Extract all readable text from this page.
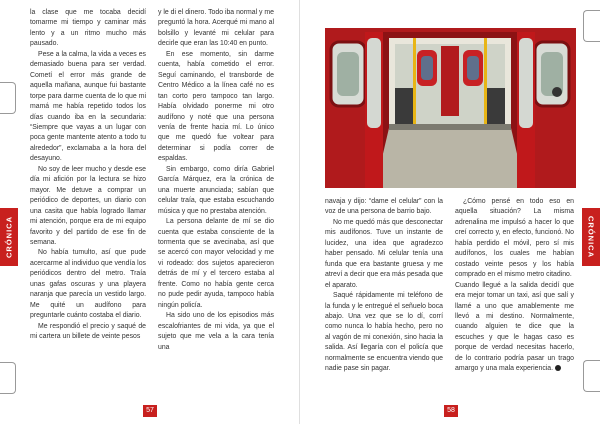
CRÓNICA

la clase que me tocaba decidí tomarme mi tiempo y caminar más lento y a un ritmo mucho más pausado.

Pese a la calma, la vida a veces es demasiado buena para ser verdad. Cometí el error más grande de aquella mañana, aunque fui bastante torpe para darme cuenta de lo que mi mamá me había repetido todos los días cuando iba en la secundaria: “Siempre que vayas a un lugar con poca gente mantente atento a todo tu alrededor”, exclamaba a la hora del desayuno.

No soy de leer mucho y desde ese día mi afición por la lectura se hizo mayor. Me detuve a comprar un periódico de deportes, un diario con una casita que había logrado llamar mi atención, porque era de mi equipo favorito y del partido de ese fin de semana.

No había tumulto, así que pude acercarme al individuo que vendía los periódicos dentro del metro. Traía unas gafas oscuras y una playera naranja que parecía un vestido largo. Me quité un audífono para preguntarle cuánto costaba el diario.

Me respondió el precio y saqué de mi cartera un billete de veinte pesos

y le di el dinero. Todo iba normal y me preguntó la hora. Acerqué mi mano al bolsillo y levanté mi celular para decirle que eran las 10:40 en punto.

En ese momento, sin darme cuenta, había cometido el error. Seguí caminando, el transborde de Centro Médico a la línea café no es tan corto pero tampoco tan largo. Había olvidado ponerme mi otro audífono y noté que una persona venía de frente hacia mí. Lo único que me quedó fue voltear para determinar si podía correr de espaldas.

Sin embargo, como diría Gabriel García Márquez, era la crónica de una muerte anunciada; sabían que celular traía, que estaba escuchando música y que no prestaba atención.

La persona delante de mí se dio cuenta que estaba consciente de la tormenta que se avecinaba, así que se acercó con mayor velocidad y me vi rodeado: dos sujetos aparecieron detrás de mí y el tercero estaba al frente. Como no había gente cerca no pude pedir ayuda, tampoco había ningún policía.

Ha sido uno de los episodios más escalofriantes de mi vida, ya que el sujeto que me vela a la cara tenía una

57
CRÓNICA

navaja y dijo: “dame el celular” con la voz de una persona de barrio bajo.

No me quedó más que desconectar mis audífonos. Tuve un instante de lucidez, una idea que agradezco haber pensado. Mi celular tenía una funda que era bastante gruesa y me atreví a decir que era más pesada que el aparato.

Saqué rápidamente mi teléfono de la funda y le entregué el señuelo boca abajo. Una vez que se lo dí, corrí como nunca lo había hecho, pero no al vagón de mi conexión, sino hacia la salida. Así llegaría con el policía que normalmente se encuentra viendo que nadie pase sin pagar.

¿Cómo pensé en todo eso en aquella situación? La misma adrenalina me impulsó a hacer lo que creí correcto y, en efecto, funcionó. No había perdido el móvil, pero sí mis audífonos, los cuales me habían costado veinte pesos y los había comprado en el mismo metro citadino.

Cuando llegué a la salida decidí que era mejor tomar un taxi, así que salí y llamé a uno que amablemente me llevó a mi destino. Normalmente, cuando alguien te dice que la escuches y que le hagas caso es porque de verdad necesitas hacerlo, de lo contrario podría pasar un trago amargo y una mala experiencia.

58
